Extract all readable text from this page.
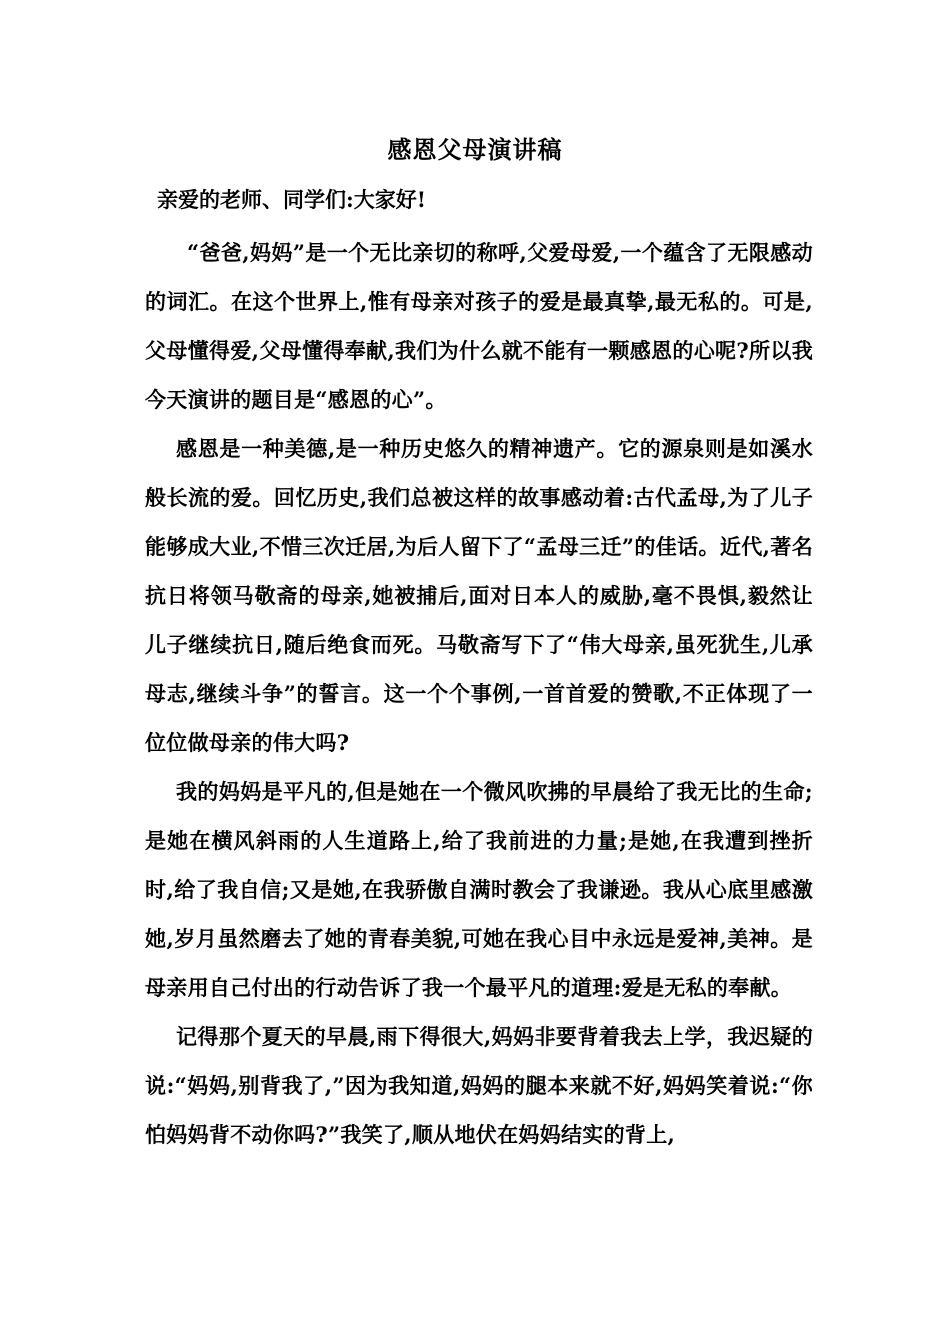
感恩父母演讲稿

亲爱的老师、同学们:大家好!

“爸爸,妈妈”是一个无比亲切的称呼,父爱母爱,一个蕴含了无限感动的词汇。在这个世界上,惟有母亲对孩子的爱是最真挚,最无私的。可是,父母懂得爱,父母懂得奉献,我们为什么就不能有一颗感恩的心呢?所以我今天演讲的题目是“感恩的心”。

感恩是一种美德,是一种历史悠久的精神遗产。它的源泉则是如溪水般长流的爱。回忆历史,我们总被这样的故事感动着:古代孟母,为了儿子能够成大业,不惜三次迁居,为后人留下了“孟母三迁”的佳话。近代,著名抗日将领马敬斋的母亲,她被捕后,面对日本人的威胁,毫不畏惧,毅然让儿子继续抗日,随后绝食而死。马敬斋写下了“伟大母亲,虽死犹生,儿承母志,继续斗争”的誓言。这一个个事例,一首首爱的赞歌,不正体现了一位位做母亲的伟大吗?

我的妈妈是平凡的,但是她在一个微风吹拂的早晨给了我无比的生命;是她在横风斜雨的人生道路上,给了我前进的力量;是她,在我遭到挫折时,给了我自信;又是她,在我骄傲自满时教会了我谦逊。我从心底里感激她,岁月虽然磨去了她的青春美貌,可她在我心目中永远是爱神,美神。是母亲用自己付出的行动告诉了我一个最平凡的道理:爱是无私的奉献。

记得那个夏天的早晨,雨下得很大,妈妈非要背着我去上学，我迟疑的说:“妈妈,别背我了,”因为我知道,妈妈的腿本来就不好,妈妈笑着说:“你怕妈妈背不动你吗?”我笑了,顺从地伏在妈妈结实的背上,
